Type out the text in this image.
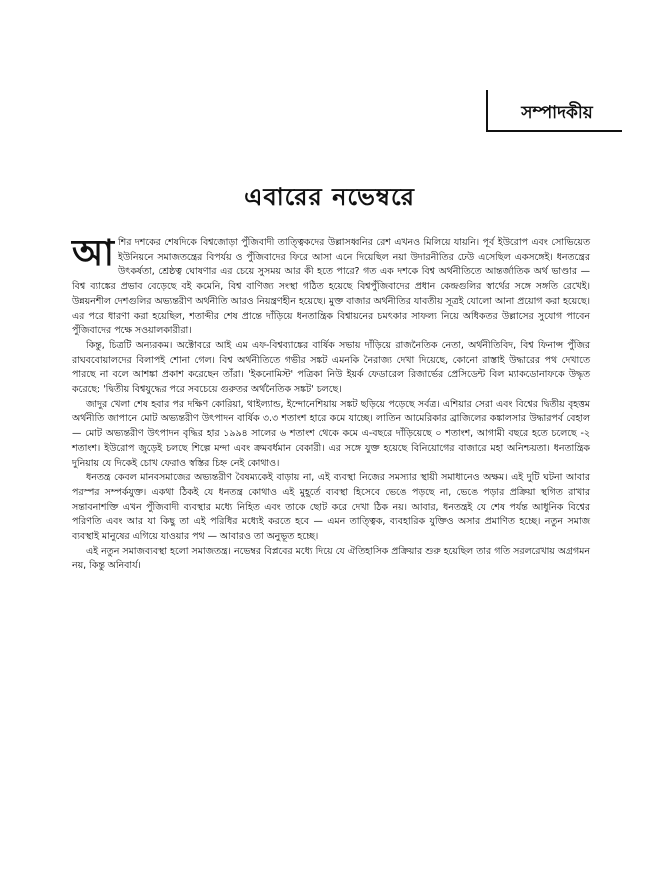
সম্পাদকীয়
এবারের নভেম্বরে

আশির দশকের শেষদিকে বিশ্বজোড়া পুঁজিবাদী তাত্ত্বিকদের উল্লাসধ্বনির রেশ এখনও মিলিয়ে যায়নি। পূর্ব ইউরোপ এবং সোভিয়েত ইউনিয়নে সমাজতন্ত্রের বিপর্যয় ও পুঁজিবাদের ফিরে আসা এনে দিয়েছিল নয়া উদারনীতির ঢেউ এসেছিল একসঙ্গেই। ধনতন্ত্রের উৎকর্ষতা, শ্রেষ্ঠত্ব ঘোষণার এর চেয়ে সুসময় আর কী হতে পারে? গত এক দশকে বিশ্ব অর্থনীতিতে আন্তর্জাতিক অর্থ ভাণ্ডার — বিশ্ব ব্যাঙ্কের প্রভাব বেড়েছে বই কমেনি, বিশ্ব বাণিজ্য সংস্থা গঠিত হয়েছে বিশ্বপুঁজিবাদের প্রধান কেন্দ্রগুলির স্বার্থের সঙ্গে সঙ্গতি রেখেই। উন্নয়নশীল দেশগুলির অভ্যন্তরীণ অর্থনীতি আরও নিয়ন্ত্রণহীন হয়েছে। মুক্ত বাজার অর্থনীতির যাবতীয় সূত্রই যোলো আনা প্রয়োগ করা হয়েছে। এর পরে ধারণা করা হয়েছিল, শতাব্দীর শেষ প্রান্তে দাঁড়িয়ে ধনতান্ত্রিক বিশ্বায়নের চমৎকার সাফল্য নিয়ে অধিকতর উল্লাসের সুযোগ পাবেন পুঁজিবাদের পক্ষে সওয়ালকারীরা।

কিন্তু, চিত্রটি অন্যরকম। অক্টোবরে আই এম এফ-বিশ্বব্যাঙ্কের বার্ষিক সভায় দাঁড়িয়ে রাজনৈতিক নেতা, অর্থনীতিবিদ, বিশ্ব ফিনান্স পুঁজির রাঘববোয়ালদের বিলাপই শোনা গেল। বিশ্ব অর্থনীতিতে গভীর সঙ্কট এমনকি নৈরাজ্য দেখা দিয়েছে, কোনো রাস্তাই উদ্ধারের পথ দেখাতে পারছে না বলে আশঙ্কা প্রকাশ করেছেন তাঁরা। 'ইকনোমিস্ট' পত্রিকা নিউ ইয়র্ক ফেডারেল রিজার্ভের প্রেসিডেন্ট বিল ম্যাকডোনাফকে উদ্ধৃত করেছে: 'দ্বিতীয় বিশ্বযুদ্ধের পরে সবচেয়ে গুরুতর অর্থনৈতিক সঙ্কট' চলছে।

জাদুর খেলা শেষ হবার পর দক্ষিণ কোরিয়া, থাইল্যান্ড, ইন্দোনেশিয়ায় সঙ্কট ছড়িয়ে পড়েছে সর্বত্র। এশিয়ার সেরা এবং বিশ্বের দ্বিতীয় বৃহত্তম অর্থনীতি জাপানে মোট অভ্যন্তরীণ উৎপাদন বার্ষিক ৩.৩ শতাংশ হারে কমে যাচ্ছে। লাতিন আমেরিকার ব্রাজিলের কঙ্কালসার উদ্ধারপর্ব বেহাল — মোট অভ্যন্তরীণ উৎপাদন বৃদ্ধির হার ১৯৯৪ সালের ৬ শতাংশ থেকে কমে এ-বছরে দাঁড়িয়েছে ০ শতাংশ, আগামী বছরে হতে চলেছে -২ শতাংশ। ইউরোপ জুড়েই চলছে শিল্পে মন্দা এবং ক্রমবর্ধমান বেকারী। এর সঙ্গে যুক্ত হয়েছে বিনিয়োগের বাজারে মহা অনিশ্চয়তা। ধনতান্ত্রিক দুনিয়ায় যে দিকেই চোখ ফেরাও স্বস্তির চিহ্ন নেই কোথাও।

ধনতন্ত্র কেবল মানবসমাজের অভ্যন্তরীণ বৈষম্যকেই বাড়ায় না, এই ব্যবস্থা নিজের সমস্যার স্থায়ী সমাধানেও অক্ষম। এই দুটি ঘটনা আবার পরস্পর সম্পর্কযুক্ত। একথা ঠিকই যে ধনতন্ত্র কোথাও এই মুহূর্তে ব্যবস্থা হিসেবে ভেঙে পড়ছে না, ভেঙে পড়ার প্রক্রিয়া স্থগিত রাখার সন্তাবনাশক্তি এখন পুঁজিবাদী ব্যবস্থার মধ্যে নিহিত এবং তাকে ছোট করে দেখা ঠিক নয়। আবার, ধনতন্ত্রই যে শেষ পর্যন্ত আধুনিক বিশ্বের পরিণতি এবং আর যা কিছু তা এই পরিধির মধ্যেই করতে হবে — এমন তাত্ত্বিক, ব্যবহারিক যুক্তিও অসার প্রমাণিত হচ্ছে। নতুন সমাজ ব্যবস্থাই মানুষের এগিয়ে যাওয়ার পথ — আবারও তা অনুভূত হচ্ছে।

এই নতুন সমাজব্যবস্থা হলো সমাজতন্ত্র। নভেম্বর বিপ্লবের মধ্যে দিয়ে যে ঐতিহাসিক প্রক্রিয়ার শুরু হয়েছিল তার গতি সরলরেখায় অগ্রগমন নয়, কিন্তু অনিবার্য।
